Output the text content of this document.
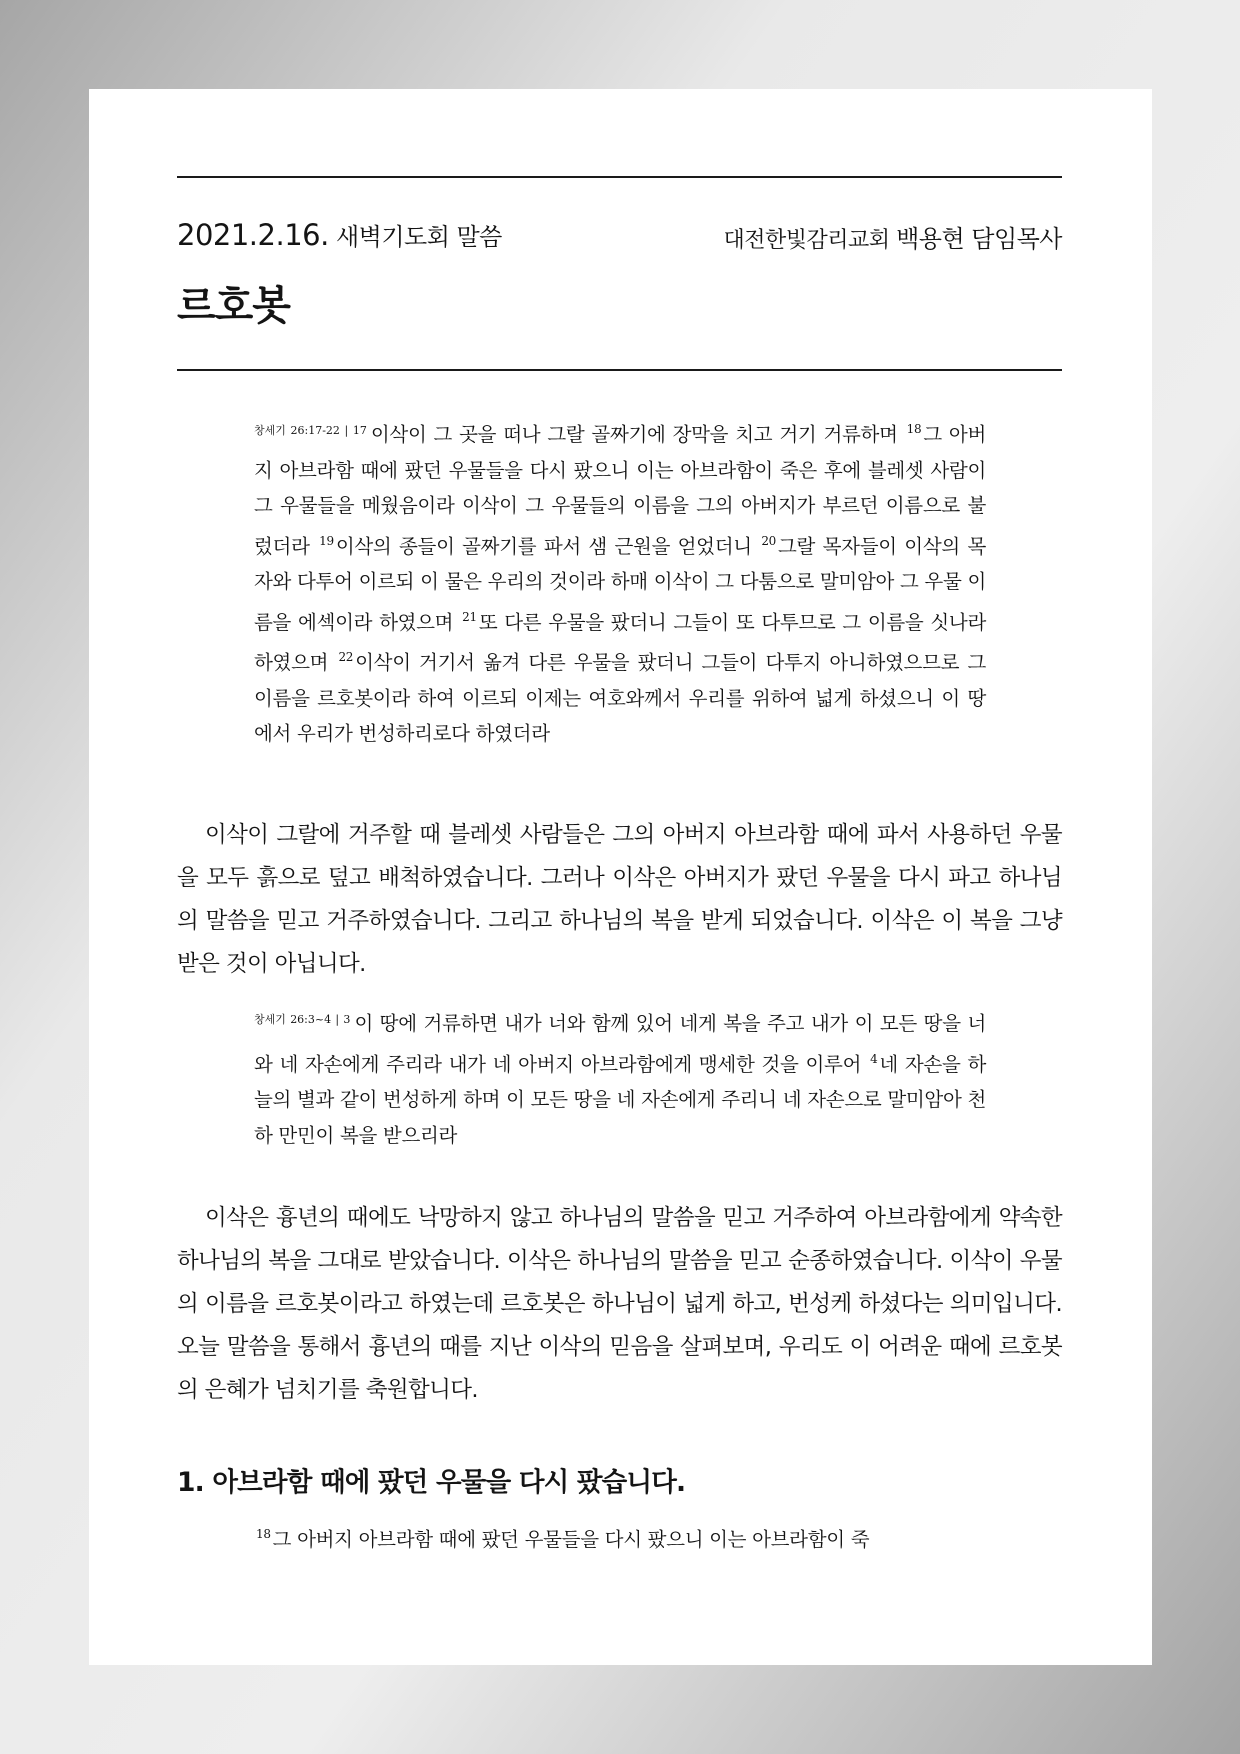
2021.2.16. 새벽기도회 말씀	대전한빛감리교회 백용현 담임목사
르호봇
$^{창세기 26:17-22 | 17}$ 이삭이 그 곳을 떠나 그랄 골짜기에 장막을 치고 거기 거류하며 $^{18}$ 그 아버지 아브라함 때에 팠던 우물들을 다시 팠으니 이는 아브라함이 죽은 후에 블레셋 사람이 그 우물들을 메웠음이라 이삭이 그 우물들의 이름을 그의 아버지가 부르던 이름으로 불렀더라 $^{19}$ 이삭의 종들이 골짜기를 파서 샘 근원을 얻었더니 $^{20}$ 그랄 목자들이 이삭의 목자와 다투어 이르되 이 물은 우리의 것이라 하매 이삭이 그 다툼으로 말미암아 그 우물 이름을 에섹이라 하였으며 $^{21}$ 또 다른 우물을 팠더니 그들이 또 다투므로 그 이름을 싯나라 하였으며 $^{22}$ 이삭이 거기서 옮겨 다른 우물을 팠더니 그들이 다투지 아니하였으므로 그 이름을 르호봇이라 하여 이르되 이제는 여호와께서 우리를 위하여 넓게 하셨으니 이 땅에서 우리가 번성하리로다 하였더라
이삭이 그랄에 거주할 때 블레셋 사람들은 그의 아버지 아브라함 때에 파서 사용하던 우물을 모두 흙으로 덮고 배척하였습니다. 그러나 이삭은 아버지가 팠던 우물을 다시 파고 하나님의 말씀을 믿고 거주하였습니다. 그리고 하나님의 복을 받게 되었습니다. 이삭은 이 복을 그냥 받은 것이 아닙니다.
$^{창세기 26:3\sim 4 | 3}$ 이 땅에 거류하면 내가 너와 함께 있어 네게 복을 주고 내가 이 모든 땅을 너와 네 자손에게 주리라 내가 네 아버지 아브라함에게 맹세한 것을 이루어 $^4$ 네 자손을 하늘의 별과 같이 번성하게 하며 이 모든 땅을 네 자손에게 주리니 네 자손으로 말미암아 천하 만민이 복을 받으리라
이삭은 흉년의 때에도 낙망하지 않고 하나님의 말씀을 믿고 거주하여 아브라함에게 약속한 하나님의 복을 그대로 받았습니다. 이삭은 하나님의 말씀을 믿고 순종하였습니다. 이삭이 우물의 이름을 르호봇이라고 하였는데 르호봇은 하나님이 넓게 하고, 번성케 하셨다는 의미입니다. 오늘 말씀을 통해서 흉년의 때를 지난 이삭의 믿음을 살펴보며, 우리도 이 어려운 때에 르호봇의 은혜가 넘치기를 축원합니다.
1. 아브라함 때에 팠던 우물을 다시 팠습니다.
$^{18}$ 그 아버지 아브라함 때에 팠던 우물들을 다시 팠으니 이는 아브라함이 죽
